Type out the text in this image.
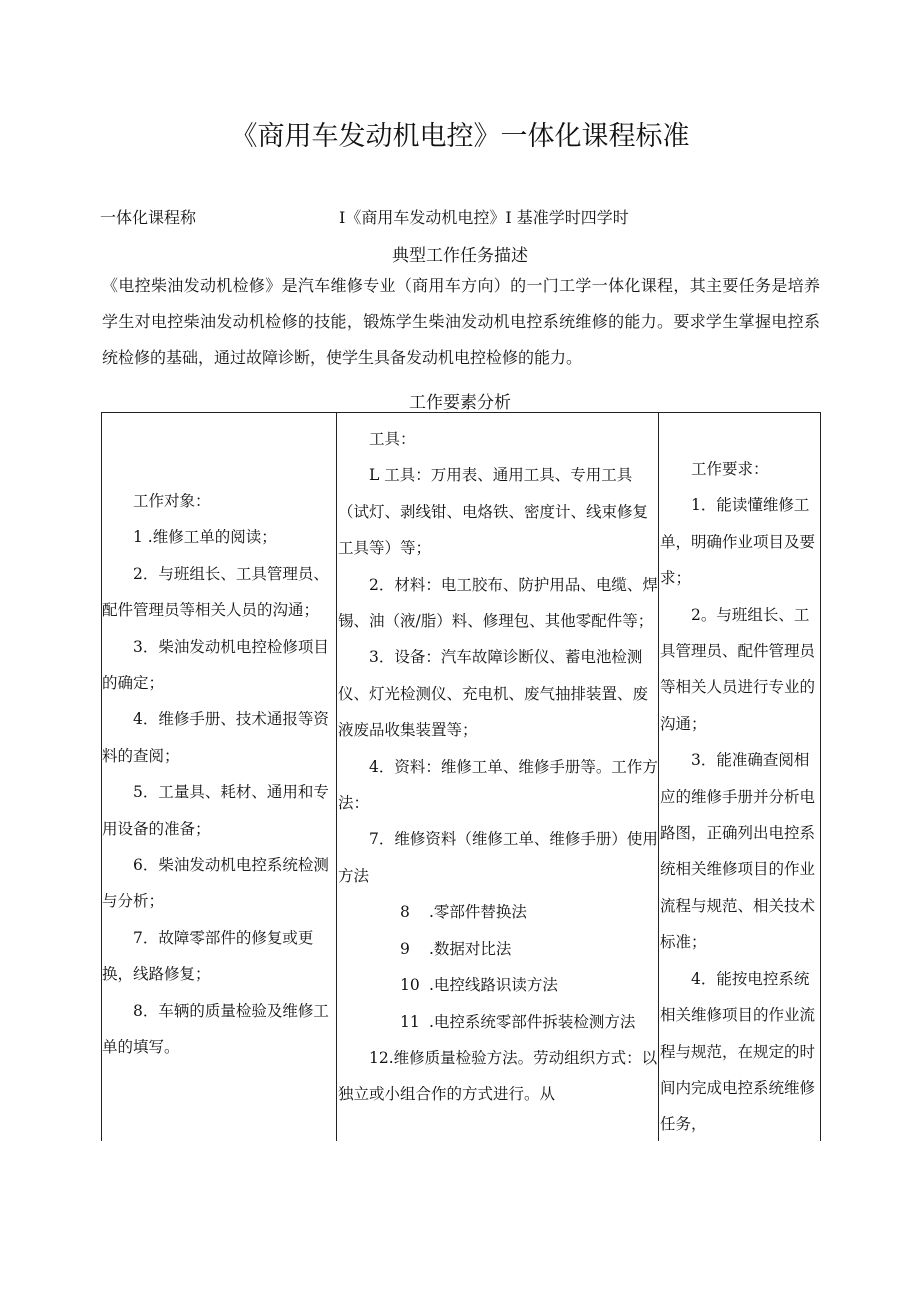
《商用车发动机电控》一体化课程标准
一体化课程称	I《商用车发动机电控》I 基准学时四学时
典型工作任务描述
《电控柴油发动机检修》是汽车维修专业（商用车方向）的一门工学一体化课程，其主要任务是培养学生对电控柴油发动机检修的技能，锻炼学生柴油发动机电控系统维修的能力。要求学生掌握电控系统检修的基础，通过故障诊断，使学生具备发动机电控检修的能力。
工作要素分析

工作对象：

1 .维修工单的阅读；

2．与班组长、工具管理员、配件管理员等相关人员的沟通；

3．柴油发动机电控检修项目的确定；

4．维修手册、技术通报等资料的查阅；

5．工量具、耗材、通用和专用设备的准备；

6．柴油发动机电控系统检测与分析；

7．故障零部件的修复或更换，线路修复；

8．车辆的质量检验及维修工单的填写。

工具：

L 工具：万用表、通用工具、专用工具（试灯、剥线钳、电烙铁、密度计、线束修复工具等）等；

2．材料：电工胶布、防护用品、电缆、焊锡、油（液/脂）料、修理包、其他零配件等；

3．设备：汽车故障诊断仪、蓄电池检测仪、灯光检测仪、充电机、废气抽排装置、废液废品收集装置等；

4．资料：维修工单、维修手册等。工作方法：

7．维修资料（维修工单、维修手册）使用方法

8 .零部件替换法

9 .数据对比法

10 .电控线路识读方法

11 .电控系统零部件拆装检测方法

12.维修质量检验方法。劳动组织方式：以独立或小组合作的方式进行。从

工作要求：

1．能读懂维修工单，明确作业项目及要求；

2。与班组长、工具管理员、配件管理员等相关人员进行专业的沟通；

3．能准确查阅相应的维修手册并分析电路图，正确列出电控系统相关维修项目的作业流程与规范、相关技术标准；

4．能按电控系统相关维修项目的作业流程与规范，在规定的时间内完成电控系统维修任务，
